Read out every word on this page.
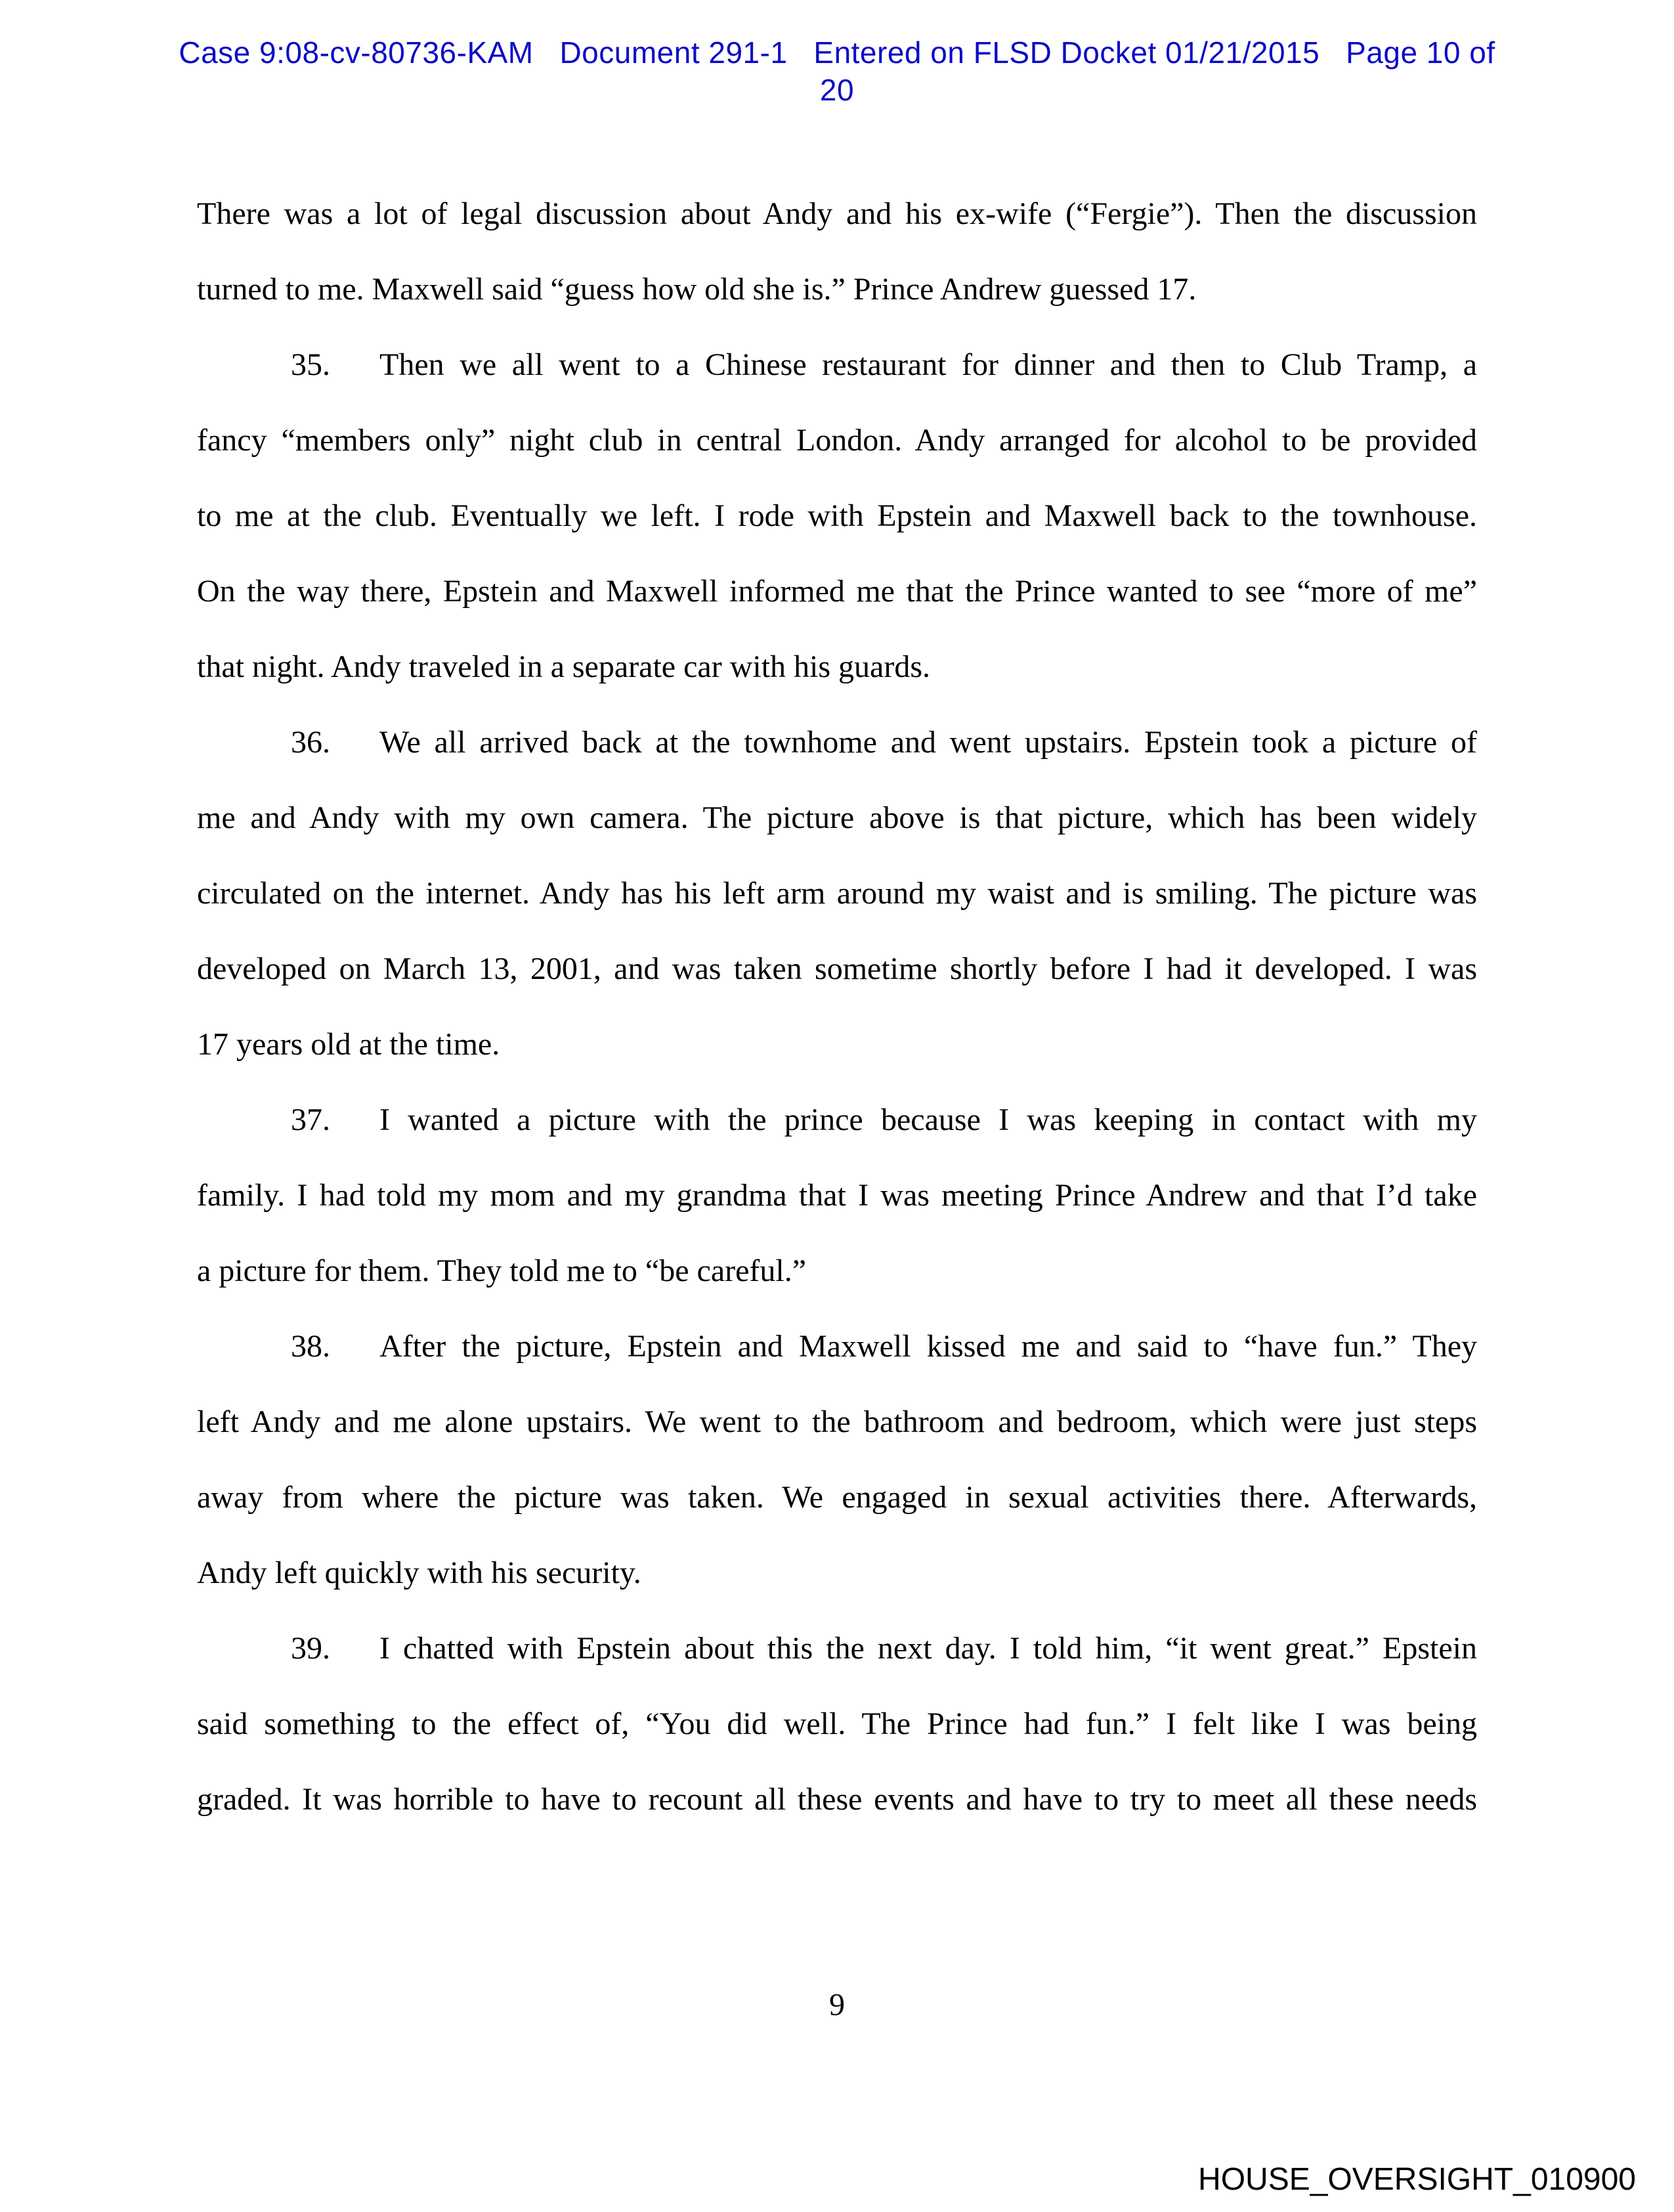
Case 9:08-cv-80736-KAM   Document 291-1   Entered on FLSD Docket 01/21/2015   Page 10 of
20
There was a lot of legal discussion about Andy and his ex-wife (“Fergie”). Then the discussion
turned to me. Maxwell said “guess how old she is.” Prince Andrew guessed 17.
35. Then we all went to a Chinese restaurant for dinner and then to Club Tramp, a
fancy “members only” night club in central London. Andy arranged for alcohol to be provided
to me at the club. Eventually we left. I rode with Epstein and Maxwell back to the townhouse.
On the way there, Epstein and Maxwell informed me that the Prince wanted to see “more of me”
that night. Andy traveled in a separate car with his guards.
36. We all arrived back at the townhome and went upstairs. Epstein took a picture of
me and Andy with my own camera. The picture above is that picture, which has been widely
circulated on the internet. Andy has his left arm around my waist and is smiling. The picture was
developed on March 13, 2001, and was taken sometime shortly before I had it developed. I was
17 years old at the time.
37. I wanted a picture with the prince because I was keeping in contact with my
family. I had told my mom and my grandma that I was meeting Prince Andrew and that I’d take
a picture for them. They told me to “be careful.”
38. After the picture, Epstein and Maxwell kissed me and said to “have fun.” They
left Andy and me alone upstairs. We went to the bathroom and bedroom, which were just steps
away from where the picture was taken. We engaged in sexual activities there. Afterwards,
Andy left quickly with his security.
39. I chatted with Epstein about this the next day. I told him, “it went great.” Epstein
said something to the effect of, “You did well. The Prince had fun.” I felt like I was being
graded. It was horrible to have to recount all these events and have to try to meet all these needs
9
HOUSE_OVERSIGHT_010900
